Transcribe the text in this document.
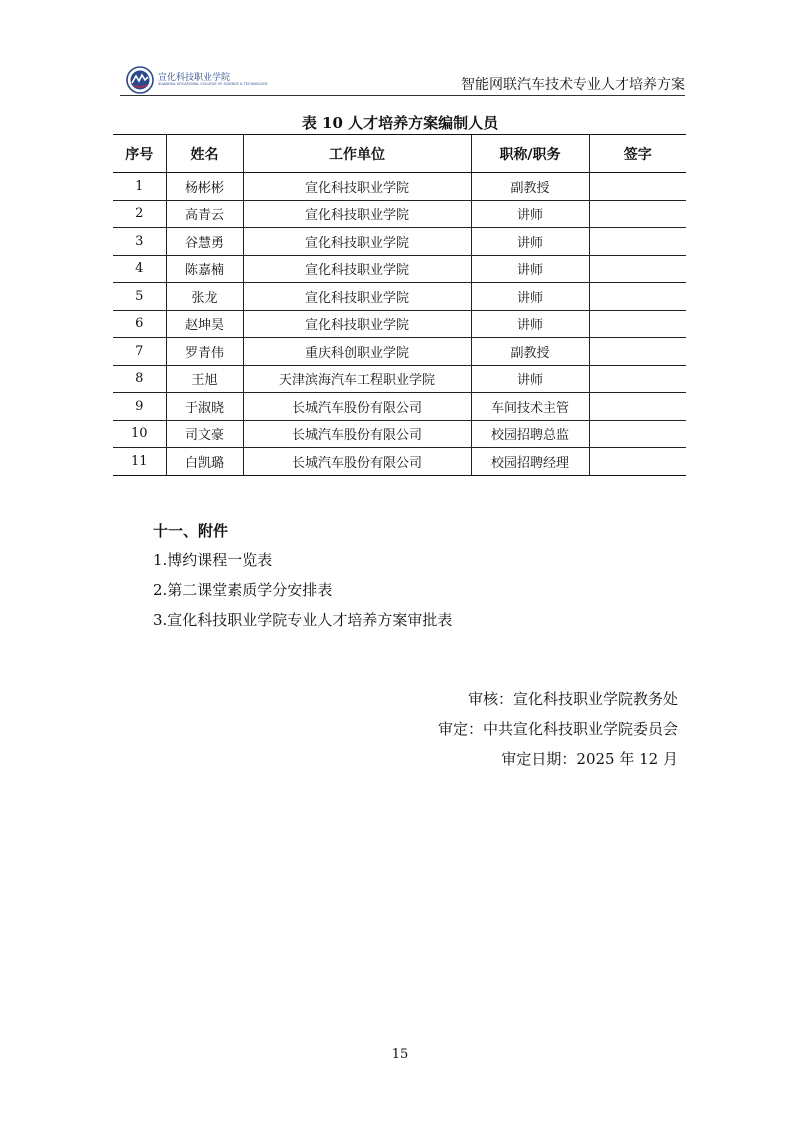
宣化科技职业学院
XUANHUA VOCATIONAL COLLEGE OF SCIENCE & TECHNOLOGY	智能网联汽车技术专业人才培养方案
表 10 人才培养方案编制人员
序号	姓名	工作单位	职称/职务	签字
1	杨彬彬	宣化科技职业学院	副教授	
2	高青云	宣化科技职业学院	讲师	
3	谷慧勇	宣化科技职业学院	讲师	
4	陈嘉楠	宣化科技职业学院	讲师	
5	张龙	宣化科技职业学院	讲师	
6	赵坤昊	宣化科技职业学院	讲师	
7	罗青伟	重庆科创职业学院	副教授	
8	王旭	天津滨海汽车工程职业学院	讲师	
9	于淑晓	长城汽车股份有限公司	车间技术主管	
10	司文豪	长城汽车股份有限公司	校园招聘总监	
11	白凯璐	长城汽车股份有限公司	校园招聘经理	
十一、附件
1.博约课程一览表
2.第二课堂素质学分安排表
3.宣化科技职业学院专业人才培养方案审批表
审核：宣化科技职业学院教务处
审定：中共宣化科技职业学院委员会
审定日期：2025 年 12 月
15
